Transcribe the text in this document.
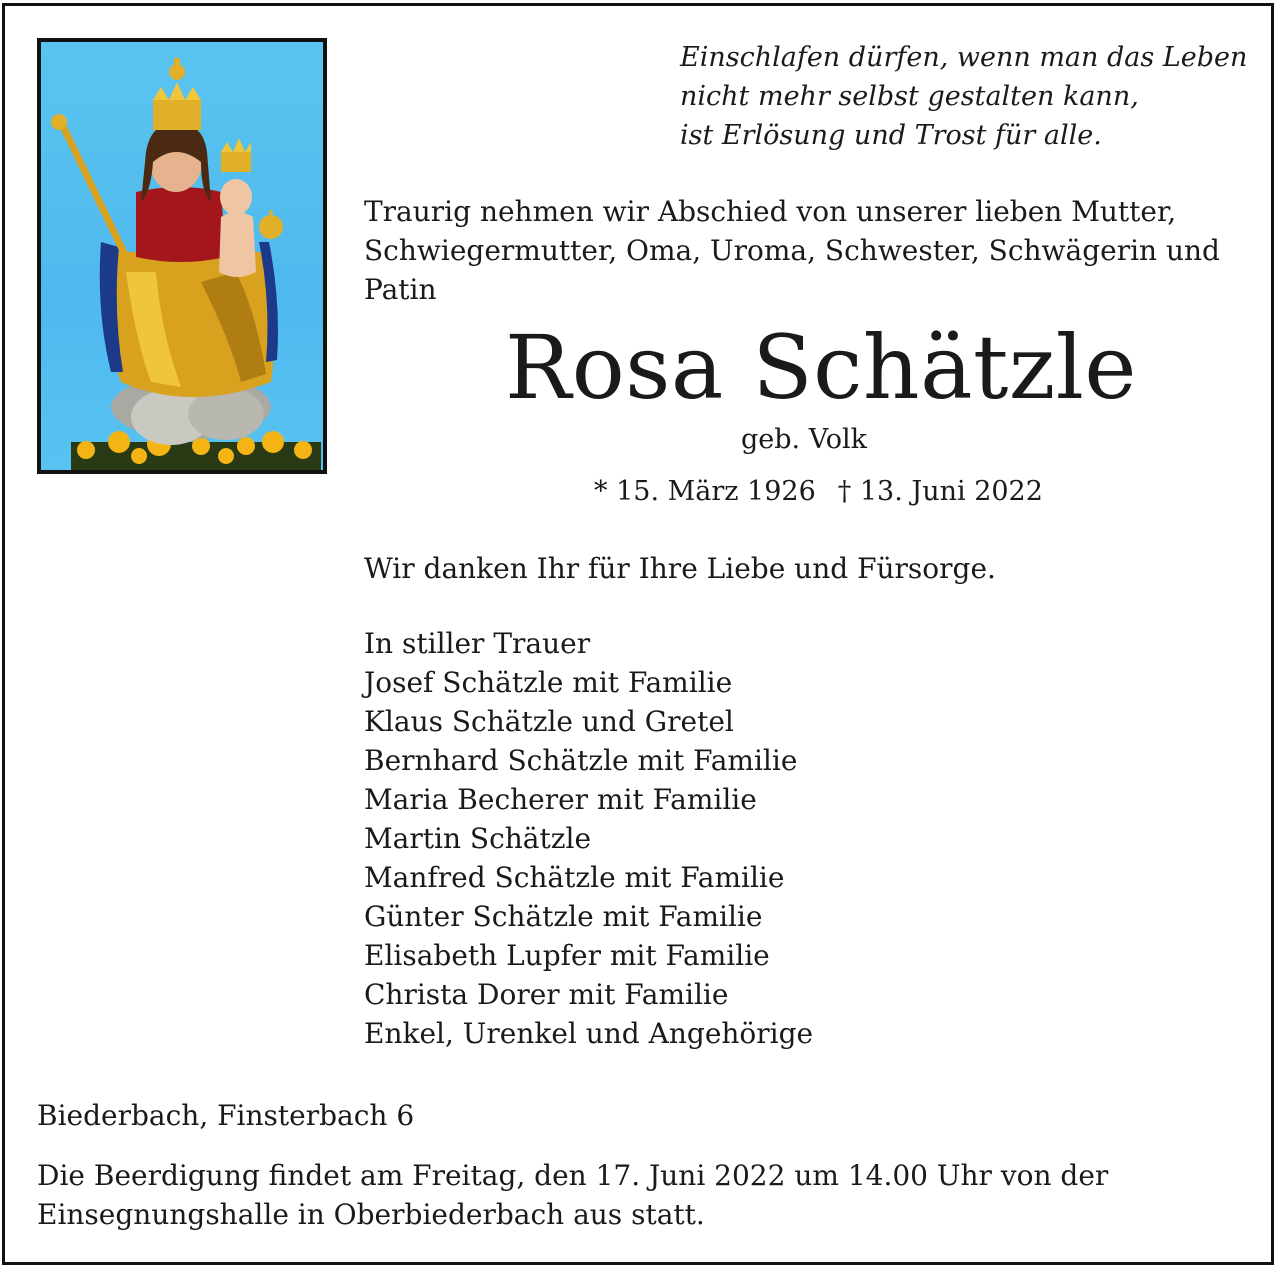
Einschlafen dürfen, wenn man das Leben
nicht mehr selbst gestalten kann,
ist Erlösung und Trost für alle.
Traurig nehmen wir Abschied von unserer lieben Mutter,
Schwiegermutter, Oma, Uroma, Schwester, Schwägerin und
Patin
Rosa Schätzle
geb. Volk
* 15. März 1926 † 13. Juni 2022
Wir danken Ihr für Ihre Liebe und Fürsorge.
In stiller Trauer
Josef Schätzle mit Familie
Klaus Schätzle und Gretel
Bernhard Schätzle mit Familie
Maria Becherer mit Familie
Martin Schätzle
Manfred Schätzle mit Familie
Günter Schätzle mit Familie
Elisabeth Lupfer mit Familie
Christa Dorer mit Familie
Enkel, Urenkel und Angehörige
Biederbach, Finsterbach 6
Die Beerdigung findet am Freitag, den 17. Juni 2022 um 14.00 Uhr von der
Einsegnungshalle in Oberbiederbach aus statt.
